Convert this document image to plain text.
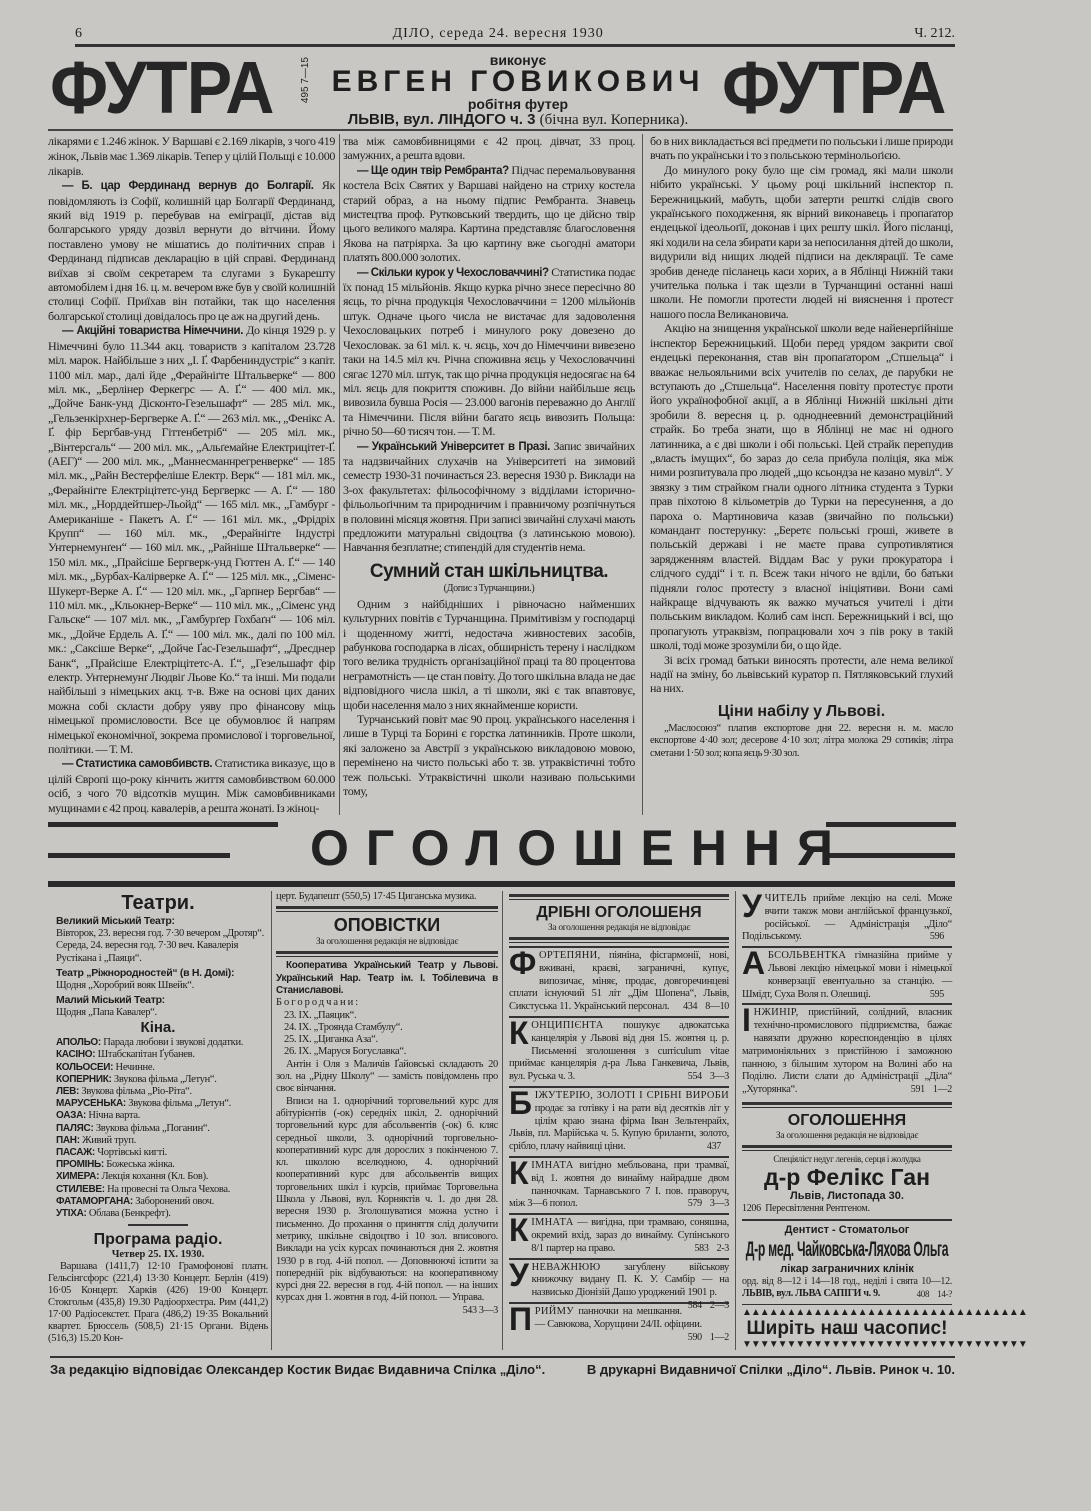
6	ДІЛО, середа 24. вересня 1930	Ч. 212.
ФУТРА	495 7—15	виконує
ЕВГЕН ГОВИКОВИЧ
робітня футер
ЛЬВІВ, вул. ЛІНДОГО ч. 3 (бічна вул. Коперника). ФУТРА

лікарями є 1.246 жінок. У Варшаві є 2.169 лікарів, з чого 419 жінок, Львів має 1.369 лікарів. Тепер у цілій Польщі є 10.000 лікарів.

— Б. цар Фердинанд вернув до Болгарії. Як повідомляють із Софії, колишній цар Болгарії Фердинанд, який від 1919 р. перебував на еміграції, дістав від болгарського уряду дозвіл вернути до вітчини. Йому поставлено умову не мішатись до політичних справ і Фердинанд підписав декларацію в цій справі. Фердинанд виїхав зі своїм секретарем та слугами з Букарешту автомобілем і дня 16. ц. м. вечером вже був у своїй колишній столиці Софії. Приїхав він потайки, так що населення болгарської столиці довідалось про це аж на другий день.

— Акційні товариства Німеччини. До кінця 1929 р. у Німеччині було 11.344 акц. товариств з капіталом 23.728 міл. марок. Найбільше з них „І. Ґ. Фарбениндустріє“ з капіт. 1100 міл. мар., далі йде „Ферайніґте Штальверке“ — 800 міл. мк., „Берлінер Феркегрс — А. Ґ.“ — 400 міл. мк., „Дойче Банк-унд Дісконто-Гезельшафт“ — 285 міл. мк., „Гельзенкірхнер-Бергверке А. Ґ.“ — 263 міл. мк., „Фенікс А. Ґ. фір Бергбав-унд Гіттенбетріб“ — 205 міл. мк., „Вінтерсгаль“ — 200 міл. мк., „Альґемайне Електрицітет-Ґ. (АЕГ)“ — 200 міл. мк., „Маннесманнрегренверке“ — 185 міл. мк., „Райн Вестерфеліше Електр. Верк“ — 181 міл. мк., „Ферайніґте Електріцітетс-унд Бергверкс — А. Ґ.“ — 180 міл. мк., „Норддейтшер-Льойд“ — 165 міл. мк., „Гамбурґ - Американіше - Пакетъ А. Ґ.“ — 161 міл. мк., „Фрідріх Крупп“ — 160 міл. мк., „Ферайніґте Індустрі Унтернемунґен“ — 160 міл. мк., „Райніше Штальверке“ — 150 міл. мк., „Прайсіше Бергверк-унд Гюттен А. Ґ.“ — 140 міл. мк., „Бурбах-Калірверке А. Ґ.“ — 125 міл. мк., „Сіменс-Шукерт-Верке А. Ґ.“ — 120 міл. мк., „Гарпнер Бергбав“ — 110 міл. мк., „Кльокнер-Верке“ — 110 міл. мк., „Сіменс унд Гальске“ — 107 міл. мк., „Гамбурґер Гохбаґн“ — 106 міл. мк., „Дойче Ердель А. Ґ.“ — 100 міл. мк., далі по 100 міл. мк.: „Саксіше Верке“, „Дойче Ґас-Гезельшафт“, „Дресднер Банк“, „Прайсіше Електріцітетс-А. Ґ.“, „Гезельшафт фір електр. Унтернемунґ Людвіґ Льове Ко.“ та інші. Ми подали найбільші з німецьких акц. т-в. Вже на основі цих даних можна собі скласти добру уяву про фінансову міць німецької промисловости. Все це обумовлює й напрям німецької економічної, зокрема промислової і торговельної, політики. — Т. М.

— Статистика самовбивств. Статистика виказує, що в цілій Європі що-року кінчить життя самовбивством 60.000 осіб, з чого 70 відсотків мущин. Між самовбивниками мущинами є 42 проц. кавалерів, а решта жонаті. Із жіноц-

тва між самовбивницями є 42 проц. дівчат, 33 проц. замужних, а решта вдови.

— Ще один твір Рембранта? Підчас перемальовування костела Всіх Святих у Варшаві найдено на стриху костела старий образ, а на ньому підпис Рембранта. Знавець мистецтва проф. Рутковський твердить, що це дійсно твір цього великого маляра. Картина представляє благословення Якова на патріярха. За цю картину вже сьогодні аматори платять 800.000 золотих.

— Скільки курок у Чехословаччині? Статистика подає їх понад 15 мільйонів. Якщо курка річно знесе пересічно 80 яєць, то річна продукція Чехословаччини = 1200 мільйонів штук. Одначе цього числа не вистачає для задоволення Чехословацьких потреб і минулого року довезено до Чехословак. за 61 міл. к. ч. яєць, хоч до Німеччини вивезено таки на 14.5 міл кч. Річна споживна яєць у Чехословаччині сягає 1270 міл. штук, так що річна продукція недосягає на 64 міл. яєць для покриття споживн. До війни найбільше яєць вивозила бувша Росія — 23.000 вагонів переважно до Англії та Німеччини. Після війни багато яєць вивозить Польща: річно 50—60 тисяч тон. — Т. М.

— Український Університет в Празі. Запис звичайних та надзвичайних слухачів на Університеті на зимовий семестр 1930-31 починається 23. вересня 1930 р. Виклади на 3-ох факультетах: фільософічному з відділами історично-фільольоґічним та природничим і правничому розпічнуться в половині місяця жовтня. При записі звичайні слухачі мають предложити матуральні свідоцтва (з латинською мовою). Навчання безплатне; стипендій для студентів нема.

Сумний стан шкільництва.
(Допис з Турчанщини.)

Одним з найбідніших і рівночасно найменших культурних повітів є Турчанщина. Примітивізм у господарці і щоденному житті, недостача живностевих засобів, рабункова господарка в лісах, обширність терену і наслідком того велика трудність організаційної праці та 80 процентова неграмотність — це стан повіту. До того шкільна влада не дає відповідного числа шкіл, а ті школи, які є так впавтовує, щоби населення мало з них якнайменше користи.

Турчанський повіт має 90 проц. українського населення і лише в Турці та Борині є горстка латинників. Проте школи, які заложено за Австрії з українською викладовою мовою, перемінено на чисто польські або т. зв. утраквістичні тобто теж польські. Утраквістичні школи називаю польськими тому,

бо в них викладається всі предмети по польськи і лише природи вчать по українськи і то з польською термінольоґією.

До минулого року було ще сім громад, які мали школи нібито українські. У цьому році шкільний інспектор п. Бережницький, мабуть, щоби затерти решткі слідів свого українського походження, як вірний виконавець і пропаґатор ендецької ідеольоґії, доконав і цих решту шкіл. Його післанці, які ходили на села збирати кари за непосилання дітей до школи, видурили від нищих людей підписи на деклярації. Те саме зробив денеде післанець каси хорих, а в Яблінці Нижній таки учителька полька і так щезли в Турчанщині останні наші школи. Не помогли протести людей ні вияснення і протест нашого посла Великановича.

Акцію на знищення української школи веде найенерґійніше інспектор Бережницький. Щоби перед урядом закрити свої ендецькі переконання, став він пропаґатором „Стшельца“ і вважає нельояльними всіх учителів по селах, де парубки не вступають до „Стшельца“. Населення повіту протестує проти його українофобної акції, а в Яблінці Нижній шкільні діти зробили 8. вересня ц. р. одноднеевний демонстраційний страйк. Бо треба знати, що в Яблінці не має ні одного латинника, а є дві школи і обі польські. Цей страйк перепудив „власть імущих“, бо зараз до села прибула поліція, яка між ними розпитувала про людей „що ксьондза не казано мувіл“. У звязку з тим страйком гнали одного літника студента з Турки прав піхотою 8 кільометрів до Турки на пересунення, а до пароха о. Мартиновича казав (звичайно по польськи) командант постерунку: „Беретє польські гроші, живете в польській державі і не маєте права супротивлятися зарядженням властей. Віддам Вас у руки прокуратора і слідчого судді“ і т. п. Всеж таки нічого не вділи, бо батьки підняли голос протесту з власної ініціятиви. Вони самі найкраще відчувають як важко мучаться учителі і діти польським викладом. Колиб сам інсп. Бережницький і всі, що пропагують утраквізм, попрацювали хоч з пів року в такій школі, тоді може зрозуміли би, о що йде.

Зі всіх громад батьки виносять протести, але нема великої надії на зміну, бо львівський куратор п. Пятляковський глухий на них.

Ціни набілу у Львові.
„Маслосоюз“ платив експортове дня 22. вересня н. м. масло експортове 4·40 зол; десерове 4·10 зол; літра молока 29 сотиків; літра сметани 1·50 зол; копа яєць 9·30 зол.
ОГОЛОШЕННЯ
Театри.
Великий Міський Театр:

Вівторок, 23. вересня год. 7·30 вечером „Дротяр“.

Середа, 24. вересня год. 7·30 веч. Кавалерія Рустікана і „Паяци“.

Театр „Ріжнородностей“ (в Н. Домі):

Щодня „Хоробрий вояк Швейк“.

Малий Міський Театр:

Щодня „Папа Кавалер“.

Кіна.

АПОЛЬО: Парада любови і звукові додатки.

КАСІНО: Штабскапітан Ґубанев.

КОЛЬОСЕИ: Нечинне.

КОПЕРНИК: Звукова фільма „Летун“.

ЛЕВ: Звукова фільма „Ріо-Ріта“.

МАРУСЕНЬКА: Звукова фільма „Летун“.

ОАЗА: Нічна варта.

ПАЛЯС: Звукова фільма „Поганин“.

ПАН: Живий труп.

ПАСАЖ: Чортівські кигті.

ПРОМІНЬ: Божеська жінка.

ХИМЕРА: Лекція кохання (Кл. Бов).

СТИЛЕВЕ: На провесні та Ольга Чехова.

ФАТАМОРГАНА: Заборонений овоч.

УТІХА: Облава (Бенкрефт).

Програма радіо.
Четвер 25. IX. 1930.

Варшава (1411,7) 12·10 Грамофонові платн. Гельсінгсфорс (221,4) 13·30 Концерт. Берлін (419) 16·05 Концерт. Харків (426) 19·00 Концерт. Стокгольм (435,8) 19.30 Радіоорхестра. Рим (441,2) 17·00 Радіосекстет. Прага (486,2) 19·35 Вокальний квартет. Брюссель (508,5) 21·15 Органи. Відень (516,3) 15.20 Кон-

церт. Будапешт (550,5) 17·45 Циганська музика.

ОПОВІСТКИ
За оголошення редакція не відповідає

Кооператива Український Театр у Львові. Український Нар. Театр ім. І. Тобілевича в Станиславові.

Богородчани:

23. IX. „Паяцик“.

24. IX. „Троянда Стамбулу“.

25. IX. „Циганка Аза“.

26. IX. „Маруся Богуславка“.

Антін і Оля з Маличів Ґайовські складають 20 зол. на „Рідну Школу“ — замість повідомлень про своє вінчання.

Вписи на 1. однорічний торговельний курс для абітурієнтів (-ок) середніх шкіл, 2. однорічний торговельний курс для абсольвентів (-ок) 6. кляс середньої школи, 3. однорічний торговельно-кооперативний курс для дорослих з покінченою 7. кл. школою вселюдною, 4. однорічний кооперативний курс для абсольвентів вищих торговельних шкіл і курсів, приймає Торговельна Школа у Львові, вул. Корняктів ч. 1. до дня 28. вересня 1930 р. Зголошуватися можна устно і письменно. До прохання о приняття слід долучити метрику, шкільне свідоцтво і 10 зол. вписового. Виклади на усіх курсах починаються дня 2. жовтня 1930 р в год. 4-ій попол. — Доповнюючі іспити за попередній рік відбуваються: на кооперативному курсі дня 22. вересня в год. 4-ій попол. — на інших курсах дня 1. жовтня в год. 4-ій попол. — Управа.
543 3—3

ДРІБНІ ОГОЛОШЕНЯ
За оголошення редакція не відповідає
ФОРТЕПЯНИ, піяніна, фісгармонії, нові, вживані, краєві, заграничні, купує, випозичає, міняє, продає, довгоречинцеві сплати існуючий 51 літ „Дім Шопена“, Львів, Сикстуська 11. Український персонал.	434 8—10
КОНЦИПІЄНТА пошукує адвокатська канцелярія у Львові від дня 15. жовтня ц. р. Письменні зголошення з curriculum vitae приймає канцелярія д-ра Льва Ганкевича, Львів, вул. Руська ч. 3.	554 3—3
БІЖУТЕРІЮ, ЗОЛОТІ І СРІБНІ ВИРОБИ продає за готівку і на рати від десятків літ у цілім краю знана фірма Іван Зельтенрайх, Львів, пл. Марійська ч. 5. Купую бриланти, золото, срібло, плачу найвищі ціни.	437
КІМНАТА вигідно мебльована, при трамваї, від 1. жовтня до винайму найрадше двом панночкам. Тарнавського 7 І. пов. праворуч, між 3—6 попол.	579 3—3
КІМНАТА — вигідна, при трамваю, соняшна, окремий вхід, зараз до винайму. Супінського 8/1 партер на право.	583 2-3
УНЕВАЖНЮЮ загублену військову книжочку виданy П. К. У. Самбір — на назвисько Діонізій Дашо уроджений 1901 р.
584 2—3
ПРИЙМУ панночки на мешкання. — Савюкова, Хорущини 24/II. офіцини.
590 1—2
УЧИТЕЛЬ прийме лекцію на селі. Може вчити також мови англійської французької, російської. — Адміністрація „Діло“ Подільському.	596
АБСОЛЬВЕНТКА гімназійна прийме у Львові лекцію німецької мови і німецької конверзації евентуально за станцію. — Шмідт, Суха Воля п. Олешиці.	595
ІНЖИНІР, пристійний, солідний, власник технічно-промислового підприємства, бажає навязати дружню кореспонденцію в цілях матримоніяльних з пристійною і заможною панною, з більшим хутором на Волині або на Поділю. Листи слати до Адміністрації „Діла“ „Хуторянка“.	591 1—2
ОГОЛОШЕННЯ
За оголошення редакція не відповідає
Спеціяліст недуг легенів, серця і жолудка
д-р Фелікс Ган
Львів, Листопада 30.
1206 Пересвітлення Рентгеном.
Дентист - Стоматольог
Д-р мед. Чайковська-Ляхова Ольга
лікар заграничних клінік
орд. від 8—12 і 14—18 год., неділі і свята 10—12. ЛЬВІВ, вул. ЛЬВА САПІГИ ч. 9.	408 14-?
▲▲▲▲▲▲▲▲▲▲▲▲▲▲▲▲▲▲▲▲▲▲▲▲▲▲▲▲▲▲▲▲
Ширіть наш часопис!
▼▼▼▼▼▼▼▼▼▼▼▼▼▼▼▼▼▼▼▼▼▼▼▼▼▼▼▼▼▼▼▼
За редакцію відповідає Олександер Костик Видає Видавнича Спілка „Діло“.	В друкарні Видавничої Спілки „Діло“. Львів. Ринок ч. 10.
